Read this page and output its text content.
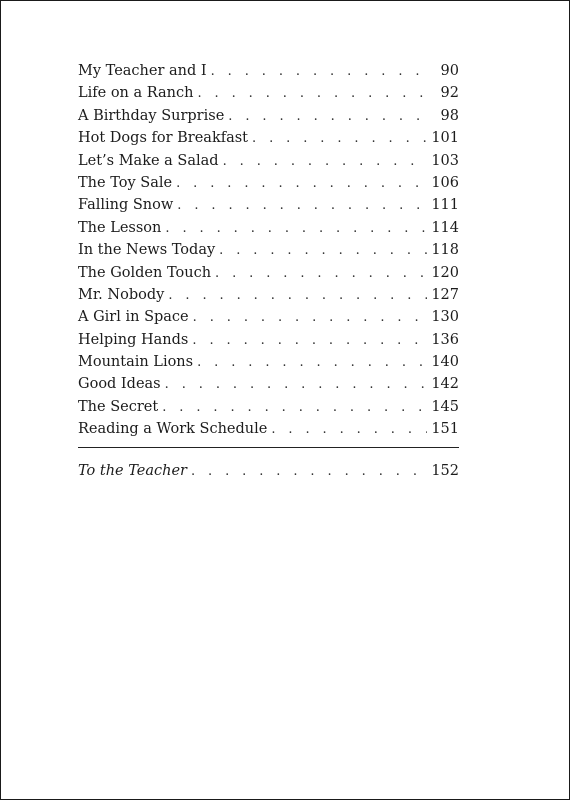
My Teacher and I . . .	90
Life on a Ranch . . .	92
A Birthday Surprise . . .	98
Hot Dogs for Breakfast . . .	101
Let’s Make a Salad . . .	103
The Toy Sale . . .	106
Falling Snow . . .	111
The Lesson . . .	114
In the News Today . . .	118
The Golden Touch . . .	120
Mr. Nobody . . .	127
A Girl in Space . . .	130
Helping Hands . . .	136
Mountain Lions . . .	140
Good Ideas . . .	142
The Secret . . .	145
Reading a Work Schedule . . .	151
To the Teacher . . .	152
